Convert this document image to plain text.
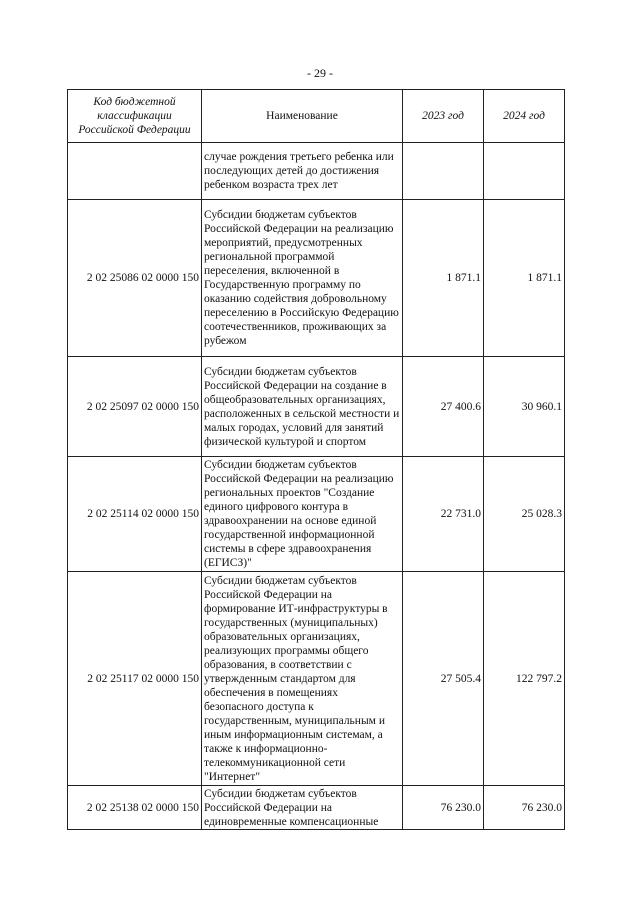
- 29 -
Код бюджетной классификации Российской Федерации	Наименование	2023 год	2024 год
	случае рождения третьего ребенка или последующих детей до достижения ребенком возраста трех лет		
2 02 25086 02 0000 150	Субсидии бюджетам субъектов Российской Федерации на реализацию мероприятий, предусмотренных региональной программой переселения, включенной в Государственную программу по оказанию содействия добровольному переселению в Российскую Федерацию соотечественников, проживающих за рубежом	1 871.1	1 871.1
2 02 25097 02 0000 150	Субсидии бюджетам субъектов Российской Федерации на создание в общеобразовательных организациях, расположенных в сельской местности и малых городах, условий для занятий физической культурой и спортом	27 400.6	30 960.1
2 02 25114 02 0000 150	Субсидии бюджетам субъектов Российской Федерации на реализацию региональных проектов "Создание единого цифрового контура в здравоохранении на основе единой государственной информационной системы в сфере здравоохранения (ЕГИСЗ)"	22 731.0	25 028.3
2 02 25117 02 0000 150	Субсидии бюджетам субъектов Российской Федерации на формирование ИТ-инфраструктуры в государственных (муниципальных) образовательных организациях, реализующих программы общего образования, в соответствии с утвержденным стандартом для обеспечения в помещениях безопасного доступа к государственным, муниципальным и иным информационным системам, а также к информационно-телекоммуникационной сети "Интернет"	27 505.4	122 797.2
2 02 25138 02 0000 150	Субсидии бюджетам субъектов Российской Федерации на единовременные компенсационные	76 230.0	76 230.0
